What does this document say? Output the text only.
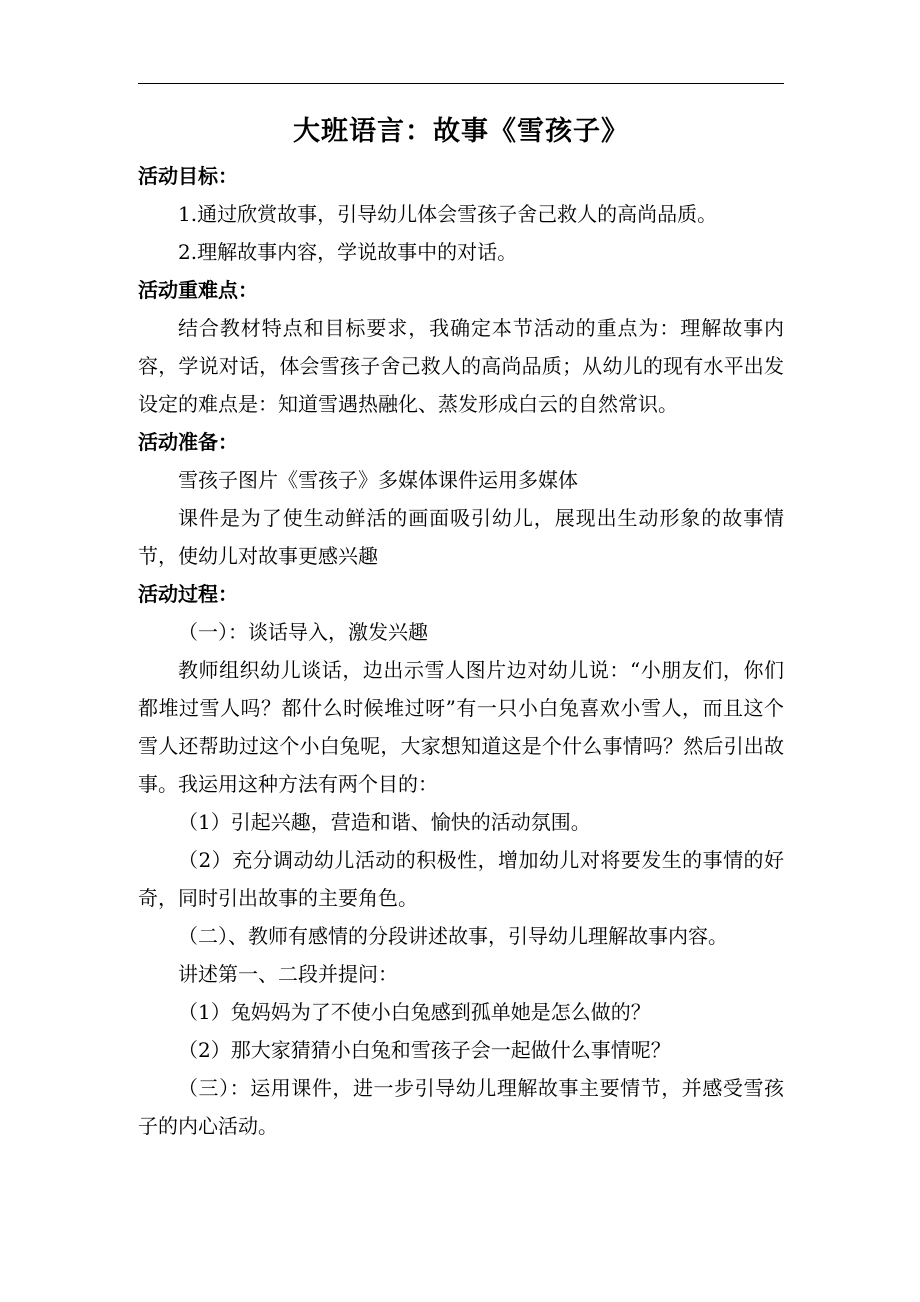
大班语言：故事《雪孩子》

活动目标：

1.通过欣赏故事，引导幼儿体会雪孩子舍己救人的高尚品质。

2.理解故事内容，学说故事中的对话。

活动重难点：

结合教材特点和目标要求，我确定本节活动的重点为：理解故事内容，学说对话，体会雪孩子舍己救人的高尚品质；从幼儿的现有水平出发设定的难点是：知道雪遇热融化、蒸发形成白云的自然常识。

活动准备：

雪孩子图片《雪孩子》多媒体课件运用多媒体

课件是为了使生动鲜活的画面吸引幼儿，展现出生动形象的故事情节，使幼儿对故事更感兴趣

活动过程：

（一）：谈话导入，激发兴趣

教师组织幼儿谈话，边出示雪人图片边对幼儿说：“小朋友们，你们都堆过雪人吗？都什么时候堆过呀”有一只小白兔喜欢小雪人，而且这个雪人还帮助过这个小白兔呢，大家想知道这是个什么事情吗？然后引出故事。我运用这种方法有两个目的：

（1）引起兴趣，营造和谐、愉快的活动氛围。

（2）充分调动幼儿活动的积极性，增加幼儿对将要发生的事情的好奇，同时引出故事的主要角色。

（二）、教师有感情的分段讲述故事，引导幼儿理解故事内容。

讲述第一、二段并提问：

（1）兔妈妈为了不使小白兔感到孤单她是怎么做的？

（2）那大家猜猜小白兔和雪孩子会一起做什么事情呢？

（三）：运用课件，进一步引导幼儿理解故事主要情节，并感受雪孩子的内心活动。
